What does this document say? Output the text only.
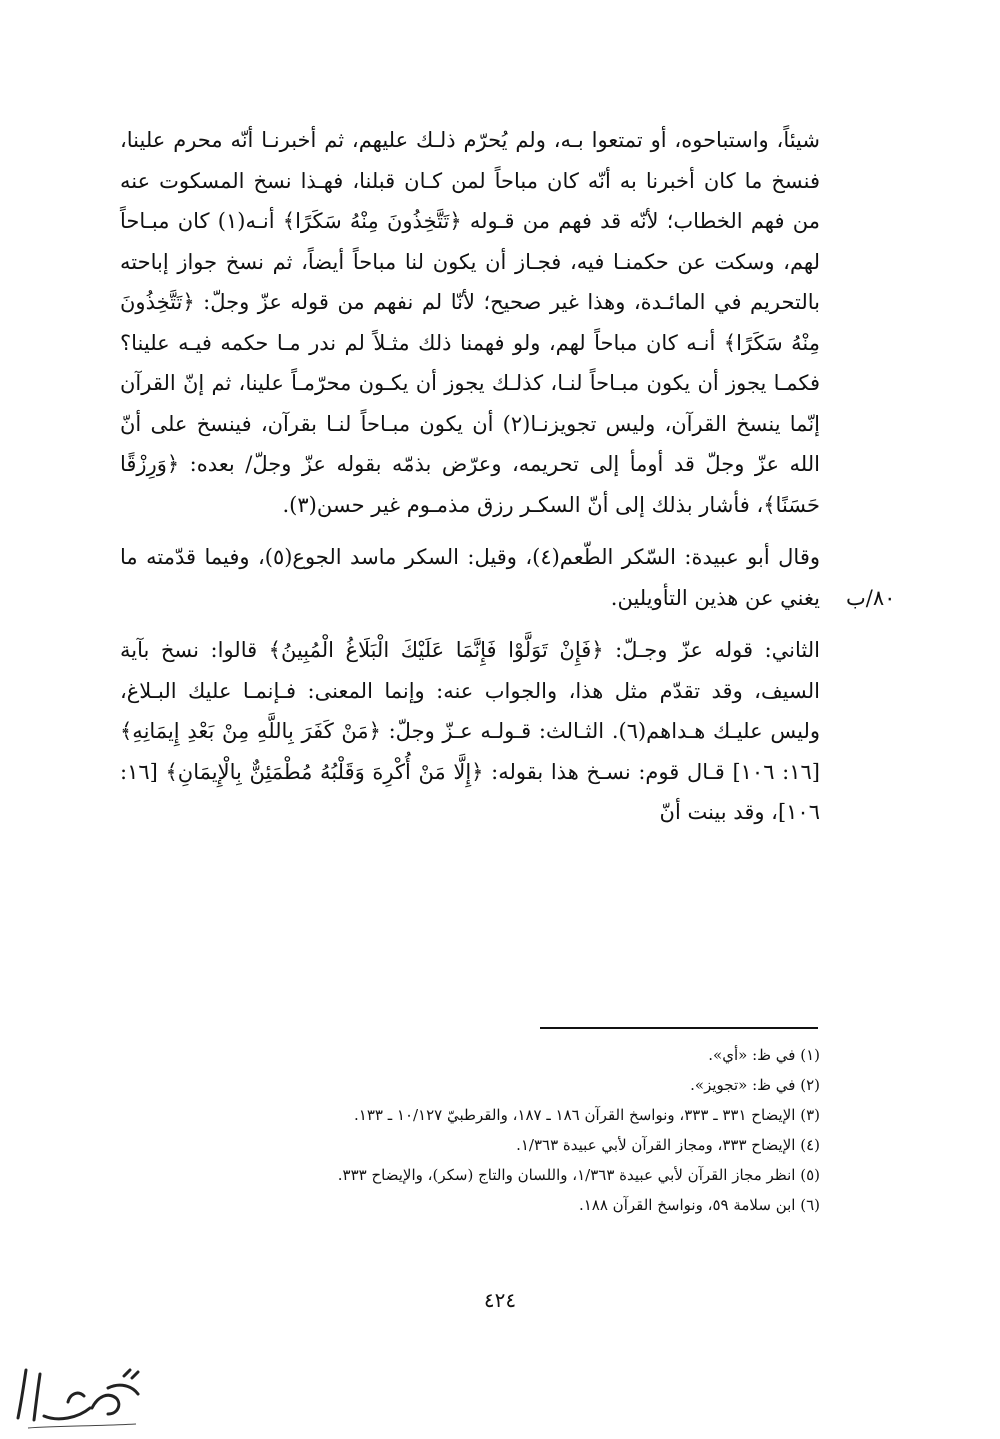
٨٠/ب

شيئاً، واستباحوه، أو تمتعوا بـه، ولم يُحرّم ذلـك عليهم، ثم أخبرنـا أنّه محرم علينا، فنسخ ما كان أخبرنا به أنّه كان مباحاً لمن كـان قبلنا، فهـذا نسخ المسكوت عنه من فهم الخطاب؛ لأنّه قد فهم من قـوله ﴿تَتَّخِذُونَ مِنْهُ سَكَرًا﴾ أنـه(١) كان مبـاحاً لهم، وسكت عن حكمنـا فيه، فجـاز أن يكون لنا مباحاً أيضاً، ثم نسخ جواز إباحته بالتحريم في المائـدة، وهذا غير صحيح؛ لأنّا لم نفهم من قوله عزّ وجلّ: ﴿تَتَّخِذُونَ مِنْهُ سَكَرًا﴾ أنـه كان مباحاً لهم، ولو فهمنا ذلك مثـلاً لم ندر مـا حكمه فيـه علينا؟ فكمـا يجوز أن يكون مبـاحاً لنـا، كذلـك يجوز أن يكـون محرّمـاً علينا، ثم إنّ القرآن إنّما ينسخ القرآن، وليس تجويزنـا(٢) أن يكون مبـاحاً لنـا بقرآن، فينسخ على أنّ الله عزّ وجلّ قد أومأ إلى تحريمه، وعرّض بذمّه بقوله عزّ وجلّ/ بعده: ﴿وَرِزْقًا حَسَنًا﴾، فأشار بذلك إلى أنّ السكـر رزق مذمـوم غير حسن(٣).

وقال أبو عبيدة: السّكر الطّعم(٤)، وقيل: السكر ماسد الجوع(٥)، وفيما قدّمته ما يغني عن هذين التأويلين.

الثاني: قوله عزّ وجـلّ: ﴿فَإِنْ تَوَلَّوْا فَإِنَّمَا عَلَيْكَ الْبَلَاغُ الْمُبِينُ﴾ قالوا: نسخ بآية السيف، وقد تقدّم مثل هذا، والجواب عنه: وإنما المعنى: فـإنمـا عليك البـلاغ، وليس عليـك هـداهم(٦). الثـالث: قـولـه عـزّ وجلّ: ﴿مَنْ كَفَرَ بِاللَّهِ مِنْ بَعْدِ إِيمَانِهِ﴾ [١٦: ١٠٦] قـال قوم: نسـخ هذا بقوله: ﴿إِلَّا مَنْ أُكْرِهَ وَقَلْبُهُ مُطْمَئِنٌّ بِالْإِيمَانِ﴾ [١٦: ١٠٦]، وقد بينت أنّ

(١) في ظ: «أي».
(٢) في ظ: «تجويز».
(٣) الإيضاح ٣٣١ ـ ٣٣٣، ونواسخ القرآن ١٨٦ ـ ١٨٧، والقرطبيّ ١٠/١٢٧ ـ ١٣٣.
(٤) الإيضاح ٣٣٣، ومجاز القرآن لأبي عبيدة ١/٣٦٣.
(٥) انظر مجاز القرآن لأبي عبيدة ١/٣٦٣، واللسان والتاج (سكر)، والإيضاح ٣٣٣.
(٦) ابن سلامة ٥٩، ونواسخ القرآن ١٨٨.
٤٢٤
